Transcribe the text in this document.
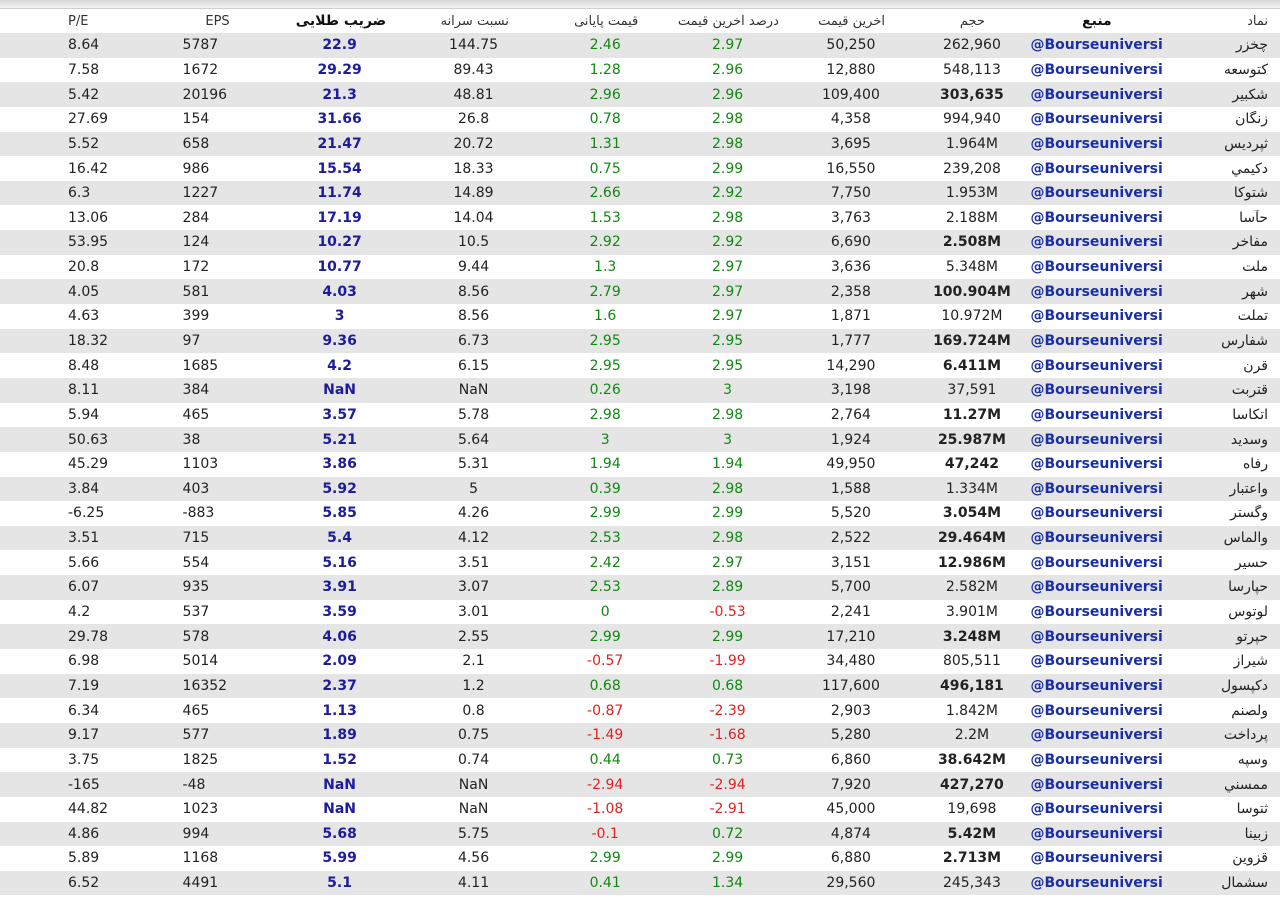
P/E	EPS	ضریب طلایی	نسبت سرانه	قیمت پایانی	درصد آخرین قیمت	آخرین قیمت	حجم	منبع	نماد
8.64	5787	22.9	144.75	2.46	2.97	50,250	262,960	@Bourseuniversi	چخزر
7.58	1672	29.29	89.43	1.28	2.96	12,880	548,113	@Bourseuniversi	کتوسعه
5.42	20196	21.3	48.81	2.96	2.96	109,400	303,635	@Bourseuniversi	شکبیر
27.69	154	31.66	26.8	0.78	2.98	4,358	994,940	@Bourseuniversi	زنگان
5.52	658	21.47	20.72	1.31	2.98	3,695	1.964M	@Bourseuniversi	ثپردیس
16.42	986	15.54	18.33	0.75	2.99	16,550	239,208	@Bourseuniversi	دکیمي
6.3	1227	11.74	14.89	2.66	2.92	7,750	1.953M	@Bourseuniversi	شتوکا
13.06	284	17.19	14.04	1.53	2.98	3,763	2.188M	@Bourseuniversi	حآسا
53.95	124	10.27	10.5	2.92	2.92	6,690	2.508M	@Bourseuniversi	مفاخر
20.8	172	10.77	9.44	1.3	2.97	3,636	5.348M	@Bourseuniversi	ملت
4.05	581	4.03	8.56	2.79	2.97	2,358	100.904M	@Bourseuniversi	شهر
4.63	399	3	8.56	1.6	2.97	1,871	10.972M	@Bourseuniversi	تملت
18.32	97	9.36	6.73	2.95	2.95	1,777	169.724M	@Bourseuniversi	شفارس
8.48	1685	4.2	6.15	2.95	2.95	14,290	6.411M	@Bourseuniversi	قرن
8.11	384	NaN	NaN	0.26	3	3,198	37,591	@Bourseuniversi	قتربت
5.94	465	3.57	5.78	2.98	2.98	2,764	11.27M	@Bourseuniversi	اتکاسا
50.63	38	5.21	5.64	3	3	1,924	25.987M	@Bourseuniversi	وسديد
45.29	1103	3.86	5.31	1.94	1.94	49,950	47,242	@Bourseuniversi	رفاه
3.84	403	5.92	5	0.39	2.98	1,588	1.334M	@Bourseuniversi	واعتبار
-6.25	-883	5.85	4.26	2.99	2.99	5,520	3.054M	@Bourseuniversi	وگستر
3.51	715	5.4	4.12	2.53	2.98	2,522	29.464M	@Bourseuniversi	والماس
5.66	554	5.16	3.51	2.42	2.97	3,151	12.986M	@Bourseuniversi	حسیر
6.07	935	3.91	3.07	2.53	2.89	5,700	2.582M	@Bourseuniversi	حپارسا
4.2	537	3.59	3.01	0	-0.53	2,241	3.901M	@Bourseuniversi	لوتوس
29.78	578	4.06	2.55	2.99	2.99	17,210	3.248M	@Bourseuniversi	حپرتو
6.98	5014	2.09	2.1	-0.57	-1.99	34,480	805,511	@Bourseuniversi	شیراز
7.19	16352	2.37	1.2	0.68	0.68	117,600	496,181	@Bourseuniversi	دکپسول
6.34	465	1.13	0.8	-0.87	-2.39	2,903	1.842M	@Bourseuniversi	ولصنم
9.17	577	1.89	0.75	-1.49	-1.68	5,280	2.2M	@Bourseuniversi	پرداخت
3.75	1825	1.52	0.74	0.44	0.73	6,860	38.642M	@Bourseuniversi	وسپه
-165	-48	NaN	NaN	-2.94	-2.94	7,920	427,270	@Bourseuniversi	ممسني
44.82	1023	NaN	NaN	-1.08	-2.91	45,000	19,698	@Bourseuniversi	ثتوسا
4.86	994	5.68	5.75	-0.1	0.72	4,874	5.42M	@Bourseuniversi	زبینا
5.89	1168	5.99	4.56	2.99	2.99	6,880	2.713M	@Bourseuniversi	قزوین
6.52	4491	5.1	4.11	0.41	1.34	29,560	245,343	@Bourseuniversi	سشمال
